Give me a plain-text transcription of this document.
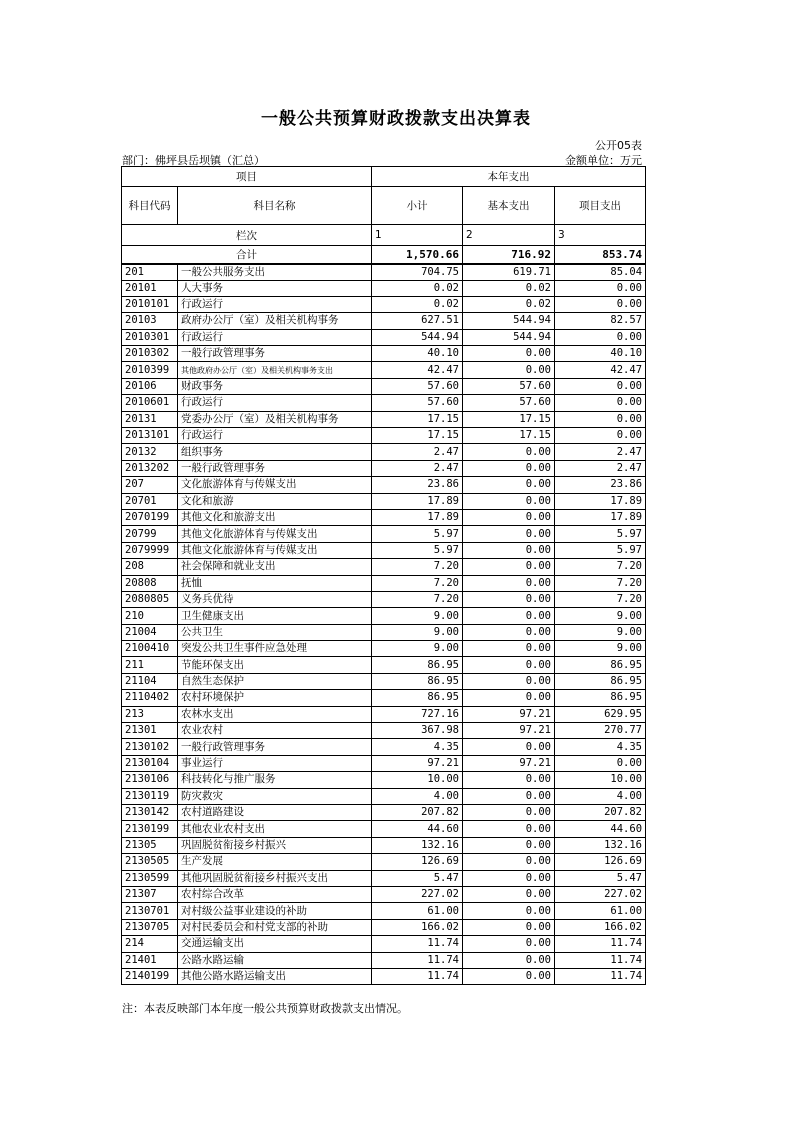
一般公共预算财政拨款支出决算表
公开05表
部门：佛坪县岳坝镇（汇总）	金额单位：万元
项目		本年支出		
科目代码	科目名称	小计	基本支出	项目支出
栏次		1	2	3
合计		1,570.66	716.92	853.74
201	一般公共服务支出	704.75	619.71	85.04
20101	人大事务	0.02	0.02	0.00
2010101	行政运行	0.02	0.02	0.00
20103	政府办公厅（室）及相关机构事务	627.51	544.94	82.57
2010301	行政运行	544.94	544.94	0.00
2010302	一般行政管理事务	40.10	0.00	40.10
2010399	其他政府办公厅（室）及相关机构事务支出	42.47	0.00	42.47
20106	财政事务	57.60	57.60	0.00
2010601	行政运行	57.60	57.60	0.00
20131	党委办公厅（室）及相关机构事务	17.15	17.15	0.00
2013101	行政运行	17.15	17.15	0.00
20132	组织事务	2.47	0.00	2.47
2013202	一般行政管理事务	2.47	0.00	2.47
207	文化旅游体育与传媒支出	23.86	0.00	23.86
20701	文化和旅游	17.89	0.00	17.89
2070199	其他文化和旅游支出	17.89	0.00	17.89
20799	其他文化旅游体育与传媒支出	5.97	0.00	5.97
2079999	其他文化旅游体育与传媒支出	5.97	0.00	5.97
208	社会保障和就业支出	7.20	0.00	7.20
20808	抚恤	7.20	0.00	7.20
2080805	义务兵优待	7.20	0.00	7.20
210	卫生健康支出	9.00	0.00	9.00
21004	公共卫生	9.00	0.00	9.00
2100410	突发公共卫生事件应急处理	9.00	0.00	9.00
211	节能环保支出	86.95	0.00	86.95
21104	自然生态保护	86.95	0.00	86.95
2110402	农村环境保护	86.95	0.00	86.95
213	农林水支出	727.16	97.21	629.95
21301	农业农村	367.98	97.21	270.77
2130102	一般行政管理事务	4.35	0.00	4.35
2130104	事业运行	97.21	97.21	0.00
2130106	科技转化与推广服务	10.00	0.00	10.00
2130119	防灾救灾	4.00	0.00	4.00
2130142	农村道路建设	207.82	0.00	207.82
2130199	其他农业农村支出	44.60	0.00	44.60
21305	巩固脱贫衔接乡村振兴	132.16	0.00	132.16
2130505	生产发展	126.69	0.00	126.69
2130599	其他巩固脱贫衔接乡村振兴支出	5.47	0.00	5.47
21307	农村综合改革	227.02	0.00	227.02
2130701	对村级公益事业建设的补助	61.00	0.00	61.00
2130705	对村民委员会和村党支部的补助	166.02	0.00	166.02
214	交通运输支出	11.74	0.00	11.74
21401	公路水路运输	11.74	0.00	11.74
2140199	其他公路水路运输支出	11.74	0.00	11.74
注：本表反映部门本年度一般公共预算财政拨款支出情况。
